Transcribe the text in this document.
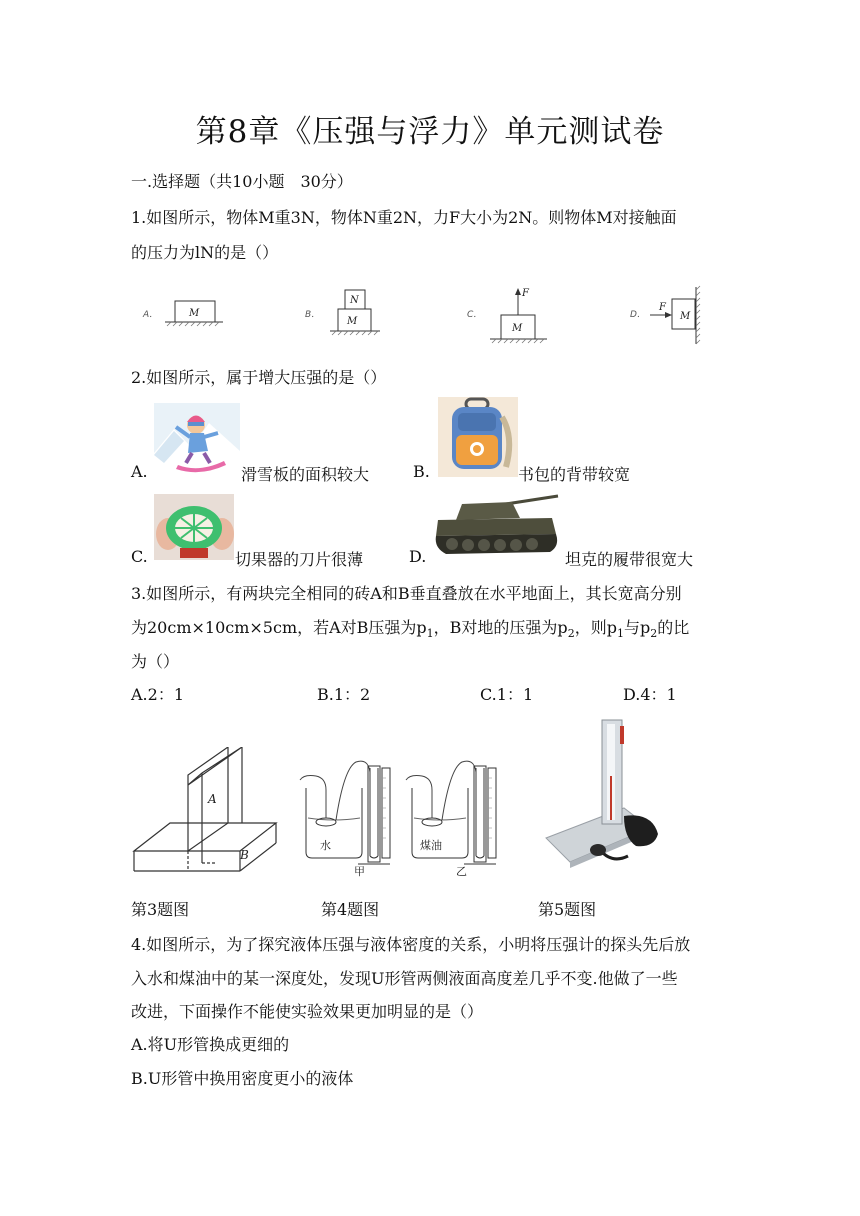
第8章《压强与浮力》单元测试卷
一.选择题（共10小题　30分）
1.如图所示，物体M重3N，物体N重2N，力F大小为2N。则物体M对接触面
的压力为lN的是（）
A．	M	B．
M
N
C．
M
F
D．	M
F
2.如图所示，属于增大压强的是（）
A.	滑雪板的面积较大	B.	书包的背带较宽
C.	切果器的刀片很薄	D.	坦克的履带很宽大
3.如图所示，有两块完全相同的砖A和B垂直叠放在水平地面上，其长宽高分别
为20cm×10cm×5cm，若A对B压强为$p_1$，B对地的压强为$p_2$，则$p_1$与$p_2$的比
为（）
A.2：1	B.1：2	C.1：1	D.4：1
A
B
水	煤油
甲	乙
第3题图	第4题图	第5题图
4.如图所示，为了探究液体压强与液体密度的关系，小明将压强计的探头先后放
入水和煤油中的某一深度处，发现U形管两侧液面高度差几乎不变.他做了一些
改进，下面操作不能使实验效果更加明显的是（）
A.将U形管换成更细的
B.U形管中换用密度更小的液体
